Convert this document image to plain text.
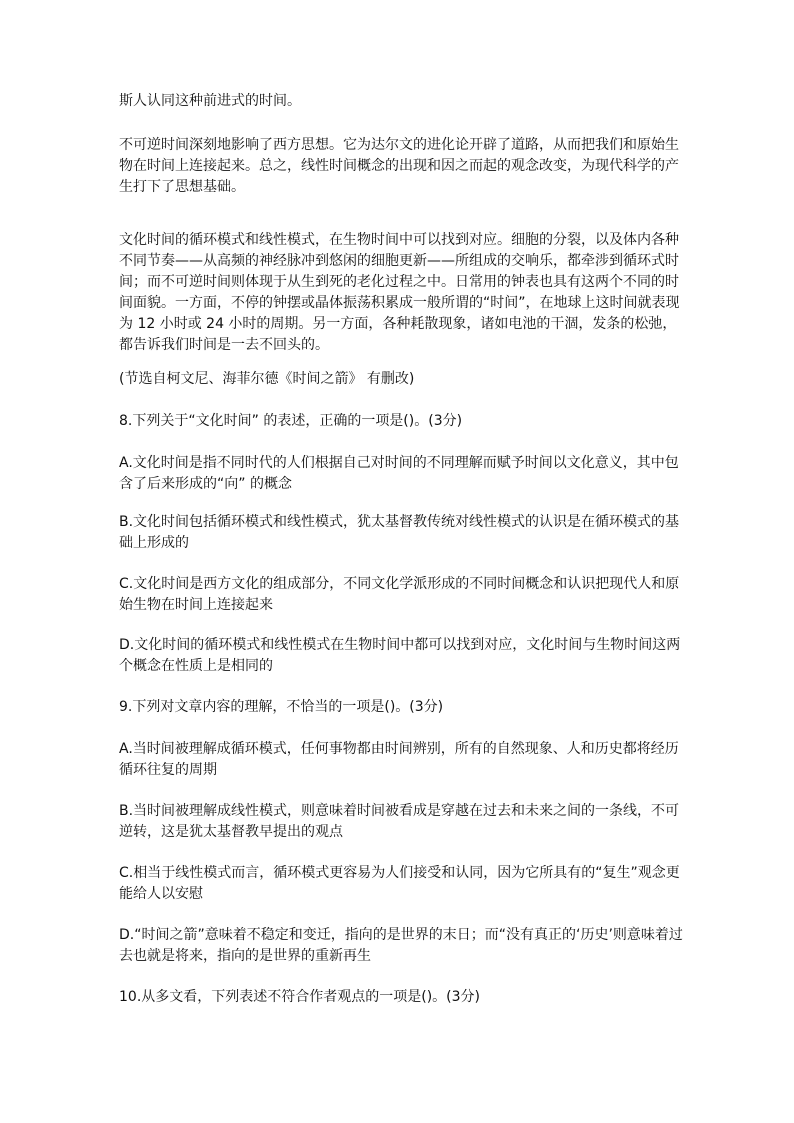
斯人认同这种前进式的时间。
不可逆时间深刻地影响了西方思想。它为达尔文的进化论开辟了道路，从而把我们和原始生物在时间上连接起来。总之，线性时间概念的出现和因之而起的观念改变，为现代科学的产生打下了思想基础。
文化时间的循环模式和线性模式，在生物时间中可以找到对应。细胞的分裂，以及体内各种不同节奏——从高频的神经脉冲到悠闲的细胞更新——所组成的交响乐，都牵涉到循环式时间；而不可逆时间则体现于从生到死的老化过程之中。日常用的钟表也具有这两个不同的时间面貌。一方面，不停的钟摆或晶体振荡积累成一般所谓的“时间”，在地球上这时间就表现为 12 小时或 24 小时的周期。另一方面，各种耗散现象，诸如电池的干涸，发条的松弛，都告诉我们时间是一去不回头的。
(节选自柯文尼、海菲尔德《时间之箭》 有删改)
8.下列关于“文化时间” 的表述，正确的一项是()。(3分)
A.文化时间是指不同时代的人们根据自己对时间的不同理解而赋予时间以文化意义，其中包含了后来形成的“向” 的概念
B.文化时间包括循环模式和线性模式，犹太基督教传统对线性模式的认识是在循环模式的基础上形成的
C.文化时间是西方文化的组成部分，不同文化学派形成的不同时间概念和认识把现代人和原始生物在时间上连接起来
D.文化时间的循环模式和线性模式在生物时间中都可以找到对应，文化时间与生物时间这两个概念在性质上是相同的
9.下列对文章内容的理解，不恰当的一项是()。(3分)
A.当时间被理解成循环模式，任何事物都由时间辨别，所有的自然现象、人和历史都将经历循环往复的周期
B.当时间被理解成线性模式，则意味着时间被看成是穿越在过去和未来之间的一条线，不可逆转，这是犹太基督教早提出的观点
C.相当于线性模式而言，循环模式更容易为人们接受和认同，因为它所具有的“复生”观念更能给人以安慰
D.“时间之箭”意味着不稳定和变迁，指向的是世界的末日；而“没有真正的‘历史’则意味着过去也就是将来，指向的是世界的重新再生
10.从多文看，下列表述不符合作者观点的一项是()。(3分)
